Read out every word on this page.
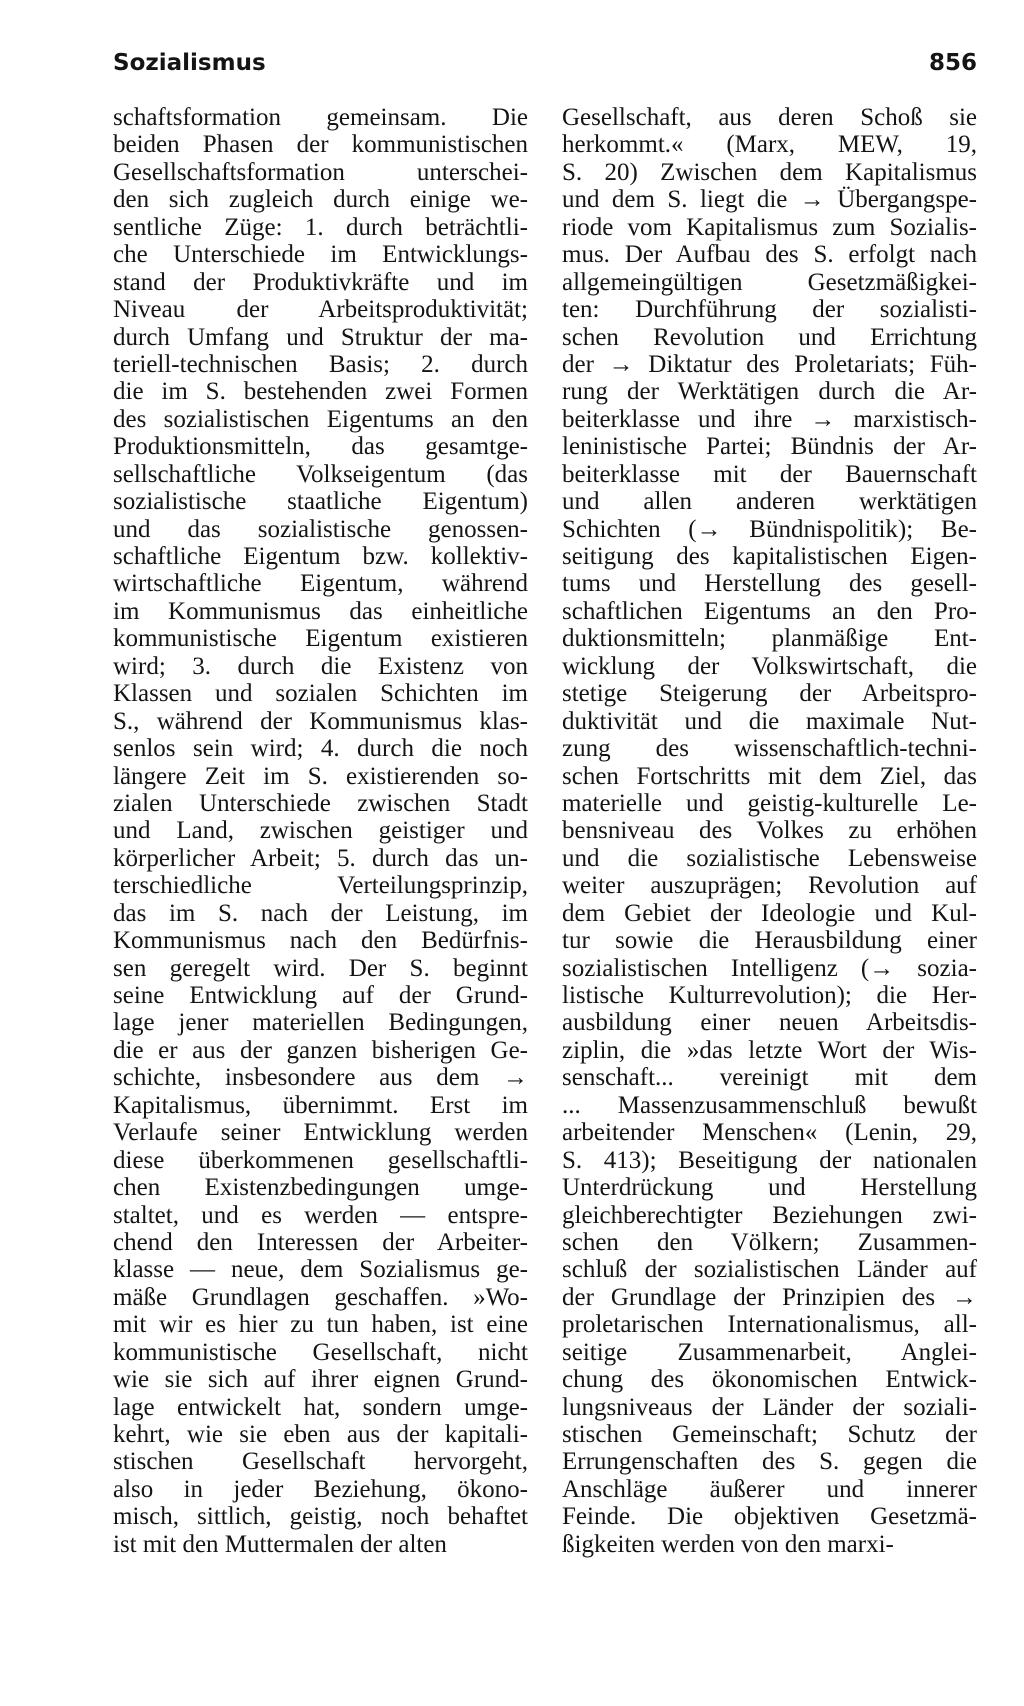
Sozialismus	856
schaftsformation gemeinsam. Die
beiden Phasen der kommunistischen
Gesellschaftsformation unterschei-
den sich zugleich durch einige we-
sentliche Züge: 1. durch beträchtli-
che Unterschiede im Entwicklungs-
stand der Produktivkräfte und im
Niveau der Arbeitsproduktivität;
durch Umfang und Struktur der ma-
teriell-technischen Basis; 2. durch
die im S. bestehenden zwei Formen
des sozialistischen Eigentums an den
Produktionsmitteln, das gesamtge-
sellschaftliche Volkseigentum (das
sozialistische staatliche Eigentum)
und das sozialistische genossen-
schaftliche Eigentum bzw. kollektiv-
wirtschaftliche Eigentum, während
im Kommunismus das einheitliche
kommunistische Eigentum existieren
wird; 3. durch die Existenz von
Klassen und sozialen Schichten im
S., während der Kommunismus klas-
senlos sein wird; 4. durch die noch
längere Zeit im S. existierenden so-
zialen Unterschiede zwischen Stadt
und Land, zwischen geistiger und
körperlicher Arbeit; 5. durch das un-
terschiedliche Verteilungsprinzip,
das im S. nach der Leistung, im
Kommunismus nach den Bedürfnis-
sen geregelt wird. Der S. beginnt
seine Entwicklung auf der Grund-
lage jener materiellen Bedingungen,
die er aus der ganzen bisherigen Ge-
schichte, insbesondere aus dem →
Kapitalismus, übernimmt. Erst im
Verlaufe seiner Entwicklung werden
diese überkommenen gesellschaftli-
chen Existenzbedingungen umge-
staltet, und es werden — entspre-
chend den Interessen der Arbeiter-
klasse — neue, dem Sozialismus ge-
mäße Grundlagen geschaffen. »Wo-
mit wir es hier zu tun haben, ist eine
kommunistische Gesellschaft, nicht
wie sie sich auf ihrer eignen Grund-
lage entwickelt hat, sondern umge-
kehrt, wie sie eben aus der kapitali-
stischen Gesellschaft hervorgeht,
also in jeder Beziehung, ökono-
misch, sittlich, geistig, noch behaftet
ist mit den Muttermalen der alten
Gesellschaft, aus deren Schoß sie
herkommt.« (Marx, MEW, 19,
S. 20) Zwischen dem Kapitalismus
und dem S. liegt die → Übergangspe-
riode vom Kapitalismus zum Sozialis-
mus. Der Aufbau des S. erfolgt nach
allgemeingültigen Gesetzmäßigkei-
ten: Durchführung der sozialisti-
schen Revolution und Errichtung
der → Diktatur des Proletariats; Füh-
rung der Werktätigen durch die Ar-
beiterklasse und ihre → marxistisch-
leninistische Partei; Bündnis der Ar-
beiterklasse mit der Bauernschaft
und allen anderen werktätigen
Schichten (→ Bündnispolitik); Be-
seitigung des kapitalistischen Eigen-
tums und Herstellung des gesell-
schaftlichen Eigentums an den Pro-
duktionsmitteln; planmäßige Ent-
wicklung der Volkswirtschaft, die
stetige Steigerung der Arbeitspro-
duktivität und die maximale Nut-
zung des wissenschaftlich-techni-
schen Fortschritts mit dem Ziel, das
materielle und geistig-kulturelle Le-
bensniveau des Volkes zu erhöhen
und die sozialistische Lebensweise
weiter auszuprägen; Revolution auf
dem Gebiet der Ideologie und Kul-
tur sowie die Herausbildung einer
sozialistischen Intelligenz (→ sozia-
listische Kulturrevolution); die Her-
ausbildung einer neuen Arbeitsdis-
ziplin, die »das letzte Wort der Wis-
senschaft... vereinigt mit dem
... Massenzusammenschluß bewußt
arbeitender Menschen« (Lenin, 29,
S. 413); Beseitigung der nationalen
Unterdrückung und Herstellung
gleichberechtigter Beziehungen zwi-
schen den Völkern; Zusammen-
schluß der sozialistischen Länder auf
der Grundlage der Prinzipien des →
proletarischen Internationalismus, all-
seitige Zusammenarbeit, Anglei-
chung des ökonomischen Entwick-
lungsniveaus der Länder der soziali-
stischen Gemeinschaft; Schutz der
Errungenschaften des S. gegen die
Anschläge äußerer und innerer
Feinde. Die objektiven Gesetzmä-
ßigkeiten werden von den marxi-
